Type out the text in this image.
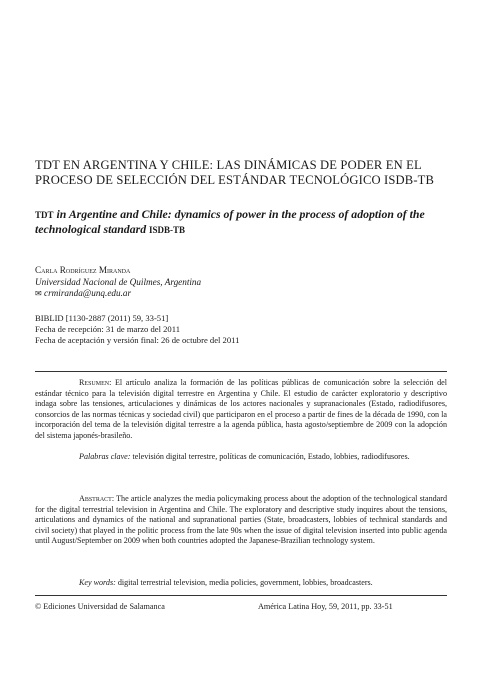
TDT EN ARGENTINA Y CHILE: LAS DINÁMICAS DE PODER EN EL PROCESO DE SELECCIÓN DEL ESTÁNDAR TECNOLÓGICO ISDB-TB
TDT in Argentine and Chile: dynamics of power in the process of adoption of the technological standard ISDB-TB
Carla Rodríguez Miranda
Universidad Nacional de Quilmes, Argentina
✉ crmiranda@unq.edu.ar
BIBLID [1130-2887 (2011) 59, 33-51]
Fecha de recepción: 31 de marzo del 2011
Fecha de aceptación y versión final: 26 de octubre del 2011

Resumen: El artículo analiza la formación de las políticas públicas de comunicación sobre la selección del estándar técnico para la televisión digital terrestre en Argentina y Chile. El estudio de carácter exploratorio y descriptivo indaga sobre las tensiones, articulaciones y dinámicas de los actores nacionales y supranacionales (Estado, radiodifusores, consorcios de las normas técnicas y sociedad civil) que participaron en el proceso a partir de fines de la década de 1990, con la incorporación del tema de la televisión digital terrestre a la agenda pública, hasta agosto/septiembre de 2009 con la adopción del sistema japonés-brasileño.

Palabras clave: televisión digital terrestre, políticas de comunicación, Estado, lobbies, radiodifusores.

Abstract: The article analyzes the media policymaking process about the adoption of the technological standard for the digital terrestrial television in Argentina and Chile. The exploratory and descriptive study inquires about the tensions, articulations and dynamics of the national and supranational parties (State, broadcasters, lobbies of technical standards and civil society) that played in the politic process from the late 90s when the issue of digital television inserted into public agenda until August/September on 2009 when both countries adopted the Japanese-Brazilian technology system.

Key words: digital terrestrial television, media policies, government, lobbies, broadcasters.

© Ediciones Universidad de Salamanca	América Latina Hoy, 59, 2011, pp. 33-51
